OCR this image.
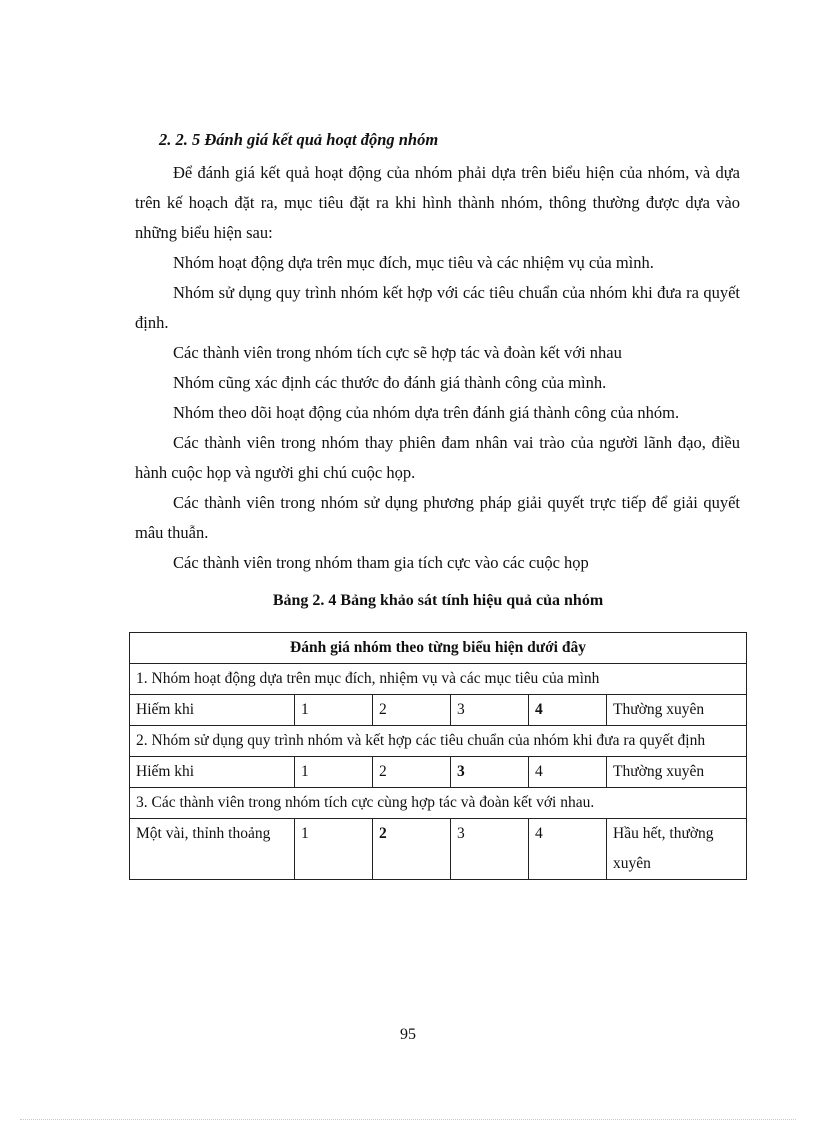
2. 2. 5 Đánh giá kết quả hoạt động nhóm

Để đánh giá kết quả hoạt động của nhóm phải dựa trên biểu hiện của nhóm, và dựa trên kế hoạch đặt ra, mục tiêu đặt ra khi hình thành nhóm, thông thường được dựa vào những biểu hiện sau:

Nhóm hoạt động dựa trên mục đích, mục tiêu và các nhiệm vụ của mình.

Nhóm sử dụng quy trình nhóm kết hợp với các tiêu chuẩn của nhóm khi đưa ra quyết định.

Các thành viên trong nhóm tích cực sẽ hợp tác và đoàn kết với nhau

Nhóm cũng xác định các thước đo đánh giá thành công của mình.

Nhóm theo dõi hoạt động của nhóm dựa trên đánh giá thành công của nhóm.

Các thành viên trong nhóm thay phiên đam nhân vai trào của người lãnh đạo, điều hành cuộc họp và người ghi chú cuộc họp.

Các thành viên trong nhóm sử dụng phương pháp giải quyết trực tiếp để giải quyết mâu thuẫn.

Các thành viên trong nhóm tham gia tích cực vào các cuộc họp

Bảng 2. 4 Bảng khảo sát tính hiệu quả của nhóm
Đánh giá nhóm theo từng biểu hiện dưới đây					
1. Nhóm hoạt động dựa trên mục đích, nhiệm vụ và các mục tiêu của mình					
Hiếm khi	1	2	3	4	Thường xuyên
2. Nhóm sử dụng quy trình nhóm và kết hợp các tiêu chuẩn của nhóm khi đưa ra quyết định					
Hiếm khi	1	2	3	4	Thường xuyên
3. Các thành viên trong nhóm tích cực cùng hợp tác và đoàn kết với nhau.					
Một vài, thỉnh thoảng	1	2	3	4	Hầu hết, thường xuyên
95
